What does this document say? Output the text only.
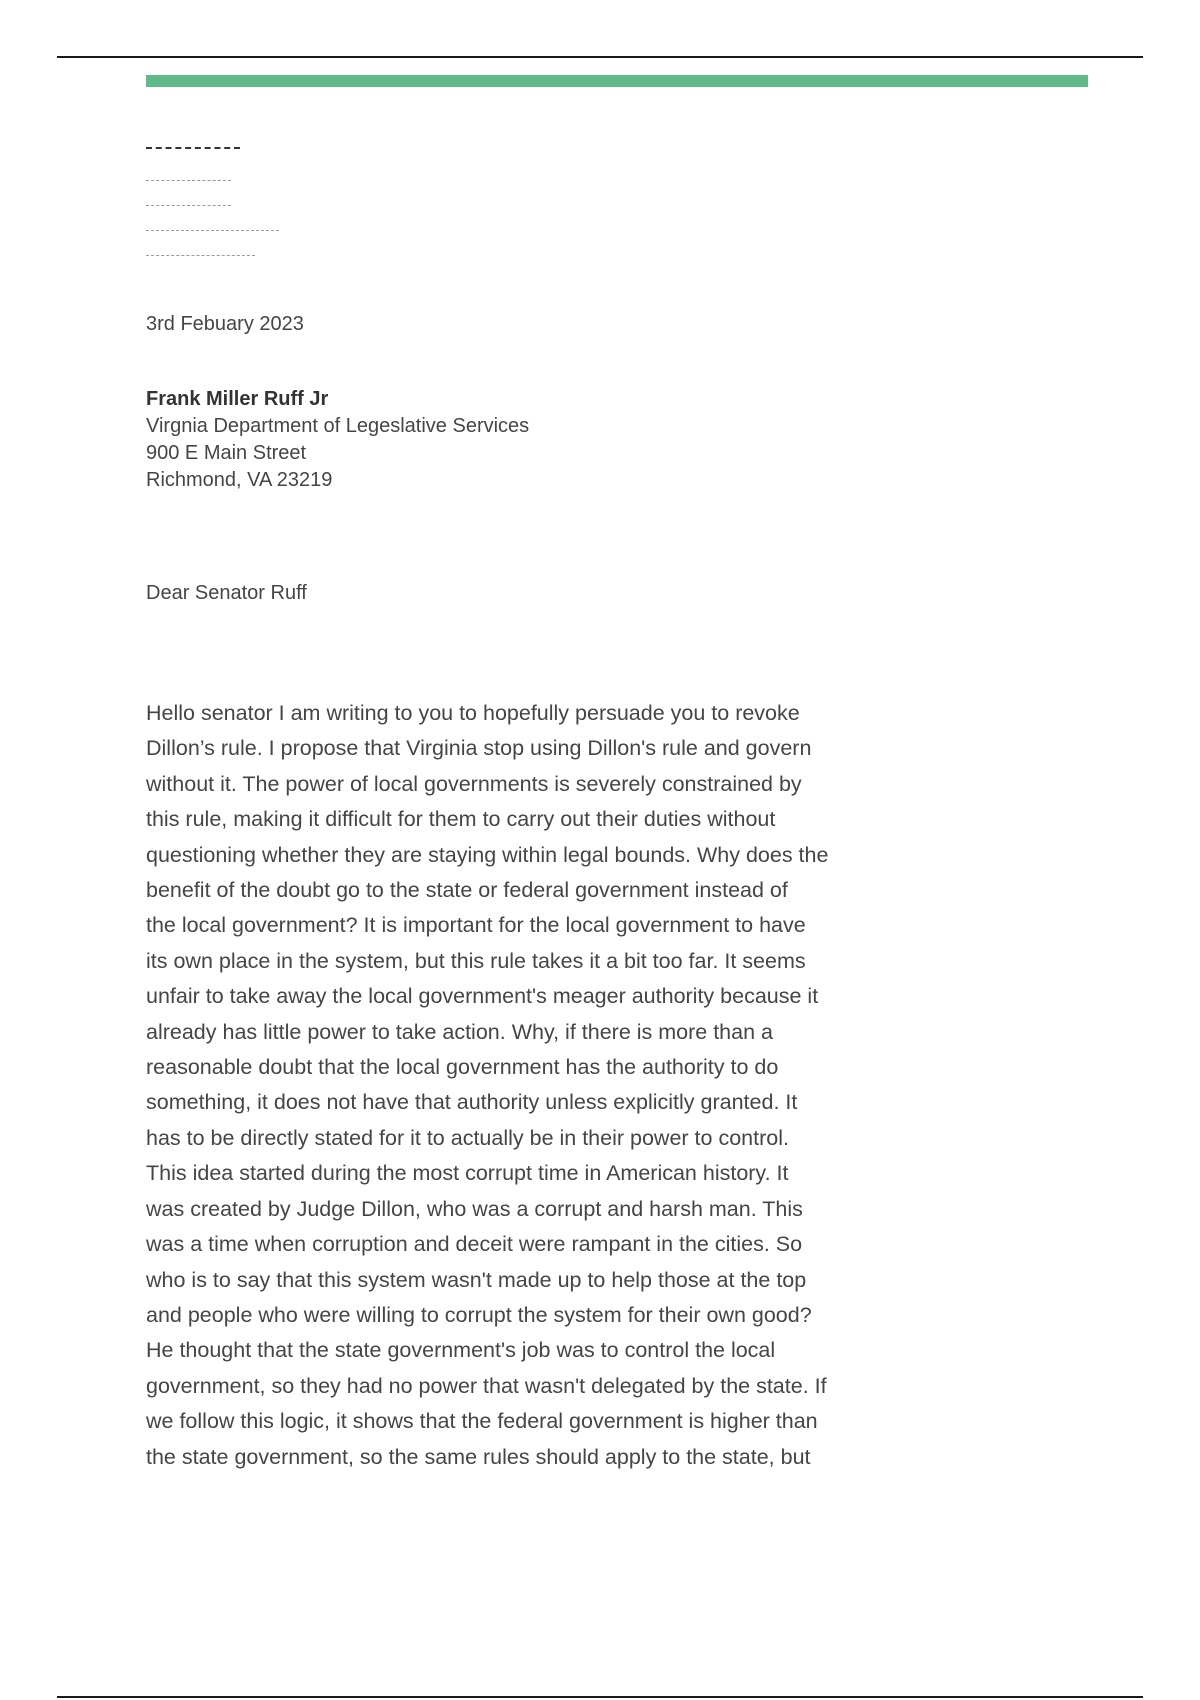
3rd Febuary 2023
Frank Miller Ruff Jr
Virgnia Department of Legeslative Services
900 E Main Street
Richmond, VA 23219
Dear Senator Ruff
Hello senator I am writing to you to hopefully persuade you to revoke
Dillon’s rule. I propose that Virginia stop using Dillon's rule and govern
without it. The power of local governments is severely constrained by
this rule, making it difficult for them to carry out their duties without
questioning whether they are staying within legal bounds. Why does the
benefit of the doubt go to the state or federal government instead of
the local government? It is important for the local government to have
its own place in the system, but this rule takes it a bit too far. It seems
unfair to take away the local government's meager authority because it
already has little power to take action. Why, if there is more than a
reasonable doubt that the local government has the authority to do
something, it does not have that authority unless explicitly granted. It
has to be directly stated for it to actually be in their power to control.
This idea started during the most corrupt time in American history. It
was created by Judge Dillon, who was a corrupt and harsh man. This
was a time when corruption and deceit were rampant in the cities. So
who is to say that this system wasn't made up to help those at the top
and people who were willing to corrupt the system for their own good?
He thought that the state government's job was to control the local
government, so they had no power that wasn't delegated by the state. If
we follow this logic, it shows that the federal government is higher than
the state government, so the same rules should apply to the state, but
